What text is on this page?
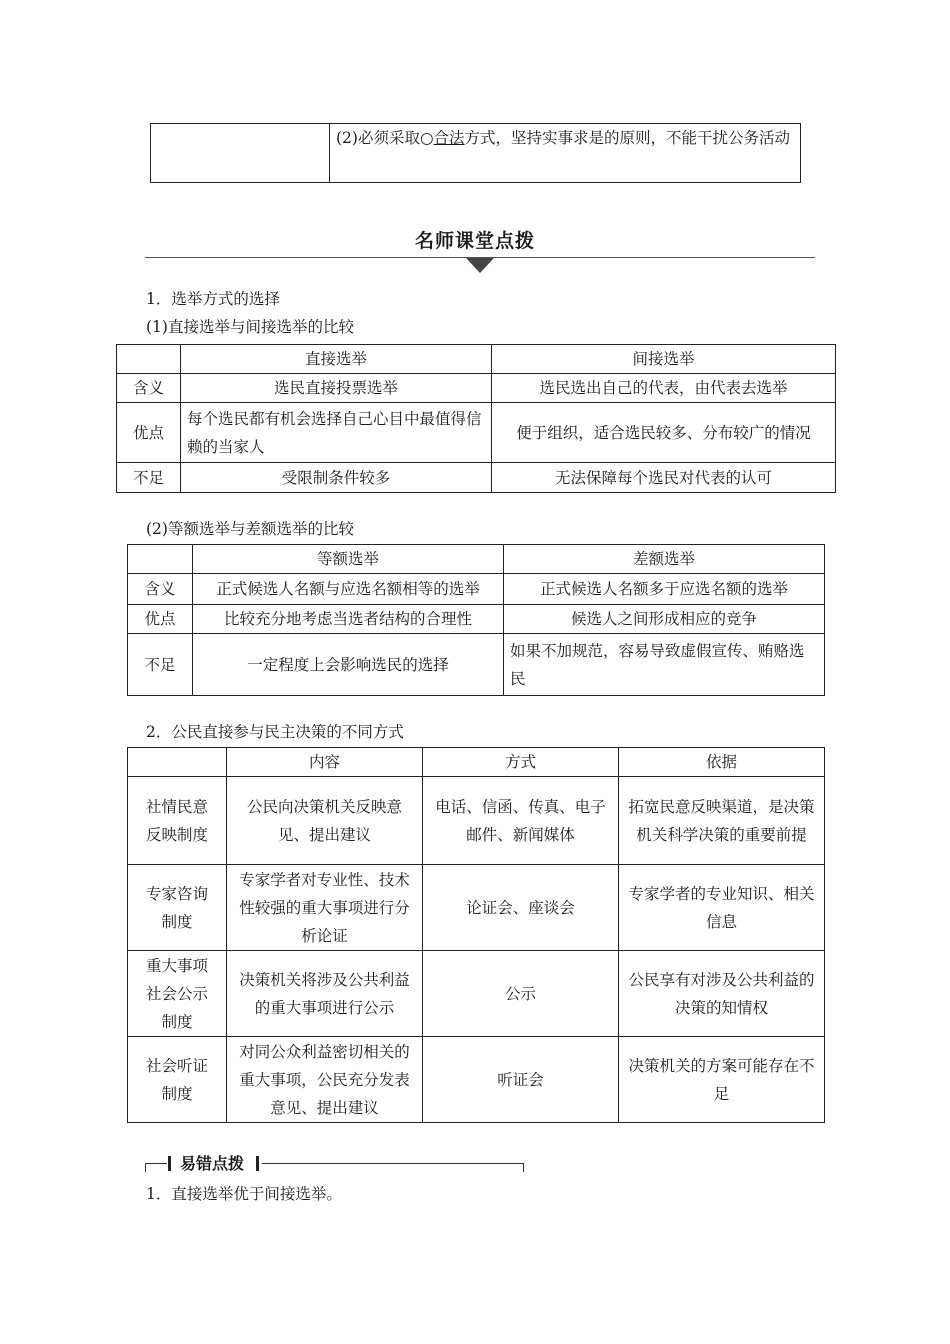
	(2)必须采取○合法方式，坚持实事求是的原则，不能干扰公务活动
名师课堂点拨
1．选举方式的选择
(1)直接选举与间接选举的比较
	直接选举	间接选举
含义	选民直接投票选举	选民选出自己的代表，由代表去选举
优点	每个选民都有机会选择自己心目中最值得信赖的当家人	便于组织，适合选民较多、分布较广的情况
不足	受限制条件较多	无法保障每个选民对代表的认可
(2)等额选举与差额选举的比较
	等额选举	差额选举
含义	正式候选人名额与应选名额相等的选举	正式候选人名额多于应选名额的选举
优点	比较充分地考虑当选者结构的合理性	候选人之间形成相应的竞争
不足	一定程度上会影响选民的选择	如果不加规范，容易导致虚假宣传、贿赂选民
2．公民直接参与民主决策的不同方式
	内容	方式	依据
社情民意反映制度	公民向决策机关反映意见、提出建议	电话、信函、传真、电子邮件、新闻媒体	拓宽民意反映渠道，是决策机关科学决策的重要前提
专家咨询制度	专家学者对专业性、技术性较强的重大事项进行分析论证	论证会、座谈会	专家学者的专业知识、相关信息
重大事项社会公示制度	决策机关将涉及公共利益的重大事项进行公示	公示	公民享有对涉及公共利益的决策的知情权
社会听证制度	对同公众利益密切相关的重大事项，公民充分发表意见、提出建议	听证会	决策机关的方案可能存在不足
易错点拨
1．直接选举优于间接选举。
